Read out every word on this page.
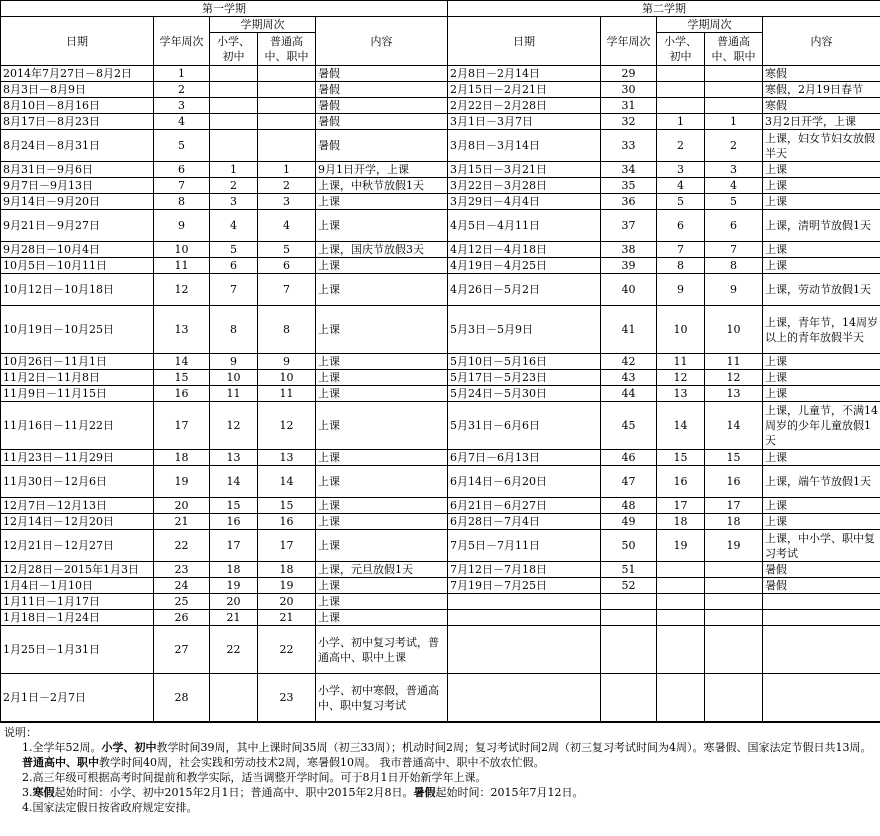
第一学期					第二学期				
日期	学年周次	学期周次		内容	日期	学年周次	学期周次		内容
		小学、初中	普通高中、职中				小学、初中	普通高中、职中	
2014年7月27日－8月2日	1			暑假	2月8日－2月14日	29			寒假
8月3日－8月9日	2			暑假	2月15日－2月21日	30			寒假，2月19日春节
8月10日－8月16日	3			暑假	2月22日－2月28日	31			寒假
8月17日－8月23日	4			暑假	3月1日－3月7日	32	1	1	3月2日开学，上课
8月24日－8月31日	5			暑假	3月8日－3月14日	33	2	2	上课，妇女节妇女放假半天
8月31日－9月6日	6	1	1	9月1日开学，上课	3月15日－3月21日	34	3	3	上课
9月7日－9月13日	7	2	2	上课，中秋节放假1天	3月22日－3月28日	35	4	4	上课
9月14日－9月20日	8	3	3	上课	3月29日－4月4日	36	5	5	上课
9月21日－9月27日	9	4	4	上课	4月5日－4月11日	37	6	6	上课，清明节放假1天
9月28日－10月4日	10	5	5	上课，国庆节放假3天	4月12日－4月18日	38	7	7	上课
10月5日－10月11日	11	6	6	上课	4月19日－4月25日	39	8	8	上课
10月12日－10月18日	12	7	7	上课	4月26日－5月2日	40	9	9	上课，劳动节放假1天
10月19日－10月25日	13	8	8	上课	5月3日－5月9日	41	10	10	上课，青年节，14周岁以上的青年放假半天
10月26日－11月1日	14	9	9	上课	5月10日－5月16日	42	11	11	上课
11月2日－11月8日	15	10	10	上课	5月17日－5月23日	43	12	12	上课
11月9日－11月15日	16	11	11	上课	5月24日－5月30日	44	13	13	上课
11月16日－11月22日	17	12	12	上课	5月31日－6月6日	45	14	14	上课，儿童节，不满14周岁的少年儿童放假1天
11月23日－11月29日	18	13	13	上课	6月7日－6月13日	46	15	15	上课
11月30日－12月6日	19	14	14	上课	6月14日－6月20日	47	16	16	上课，端午节放假1天
12月7日－12月13日	20	15	15	上课	6月21日－6月27日	48	17	17	上课
12月14日－12月20日	21	16	16	上课	6月28日－7月4日	49	18	18	上课
12月21日－12月27日	22	17	17	上课	7月5日－7月11日	50	19	19	上课，中小学、职中复习考试
12月28日－2015年1月3日	23	18	18	上课，元旦放假1天	7月12日－7月18日	51			暑假
1月4日－1月10日	24	19	19	上课	7月19日－7月25日	52			暑假
1月11日－1月17日	25	20	20	上课					
1月18日－1月24日	26	21	21	上课					
1月25日－1月31日	27	22	22	小学、初中复习考试，普通高中、职中上课					
2月1日－2月7日	28		23	小学、初中寒假，普通高中、职中复习考试					
说明：
1.全学年52周。小学、初中教学时间39周，其中上课时间35周（初三33周）；机动时间2周；复习考试时间2周（初三复习考试时间为4周）。寒暑假、国家法定节假日共13周。普通高中、职中教学时间40周，社会实践和劳动技术2周，寒暑假10周。 我市普通高中、职中不放农忙假。
2.高三年级可根据高考时间提前和教学实际，适当调整开学时间。可于8月1日开始新学年上课。
3.寒假起始时间：小学、初中2015年2月1日；普通高中、职中2015年2月8日。暑假起始时间：2015年7月12日。
4.国家法定假日按省政府规定安排。
